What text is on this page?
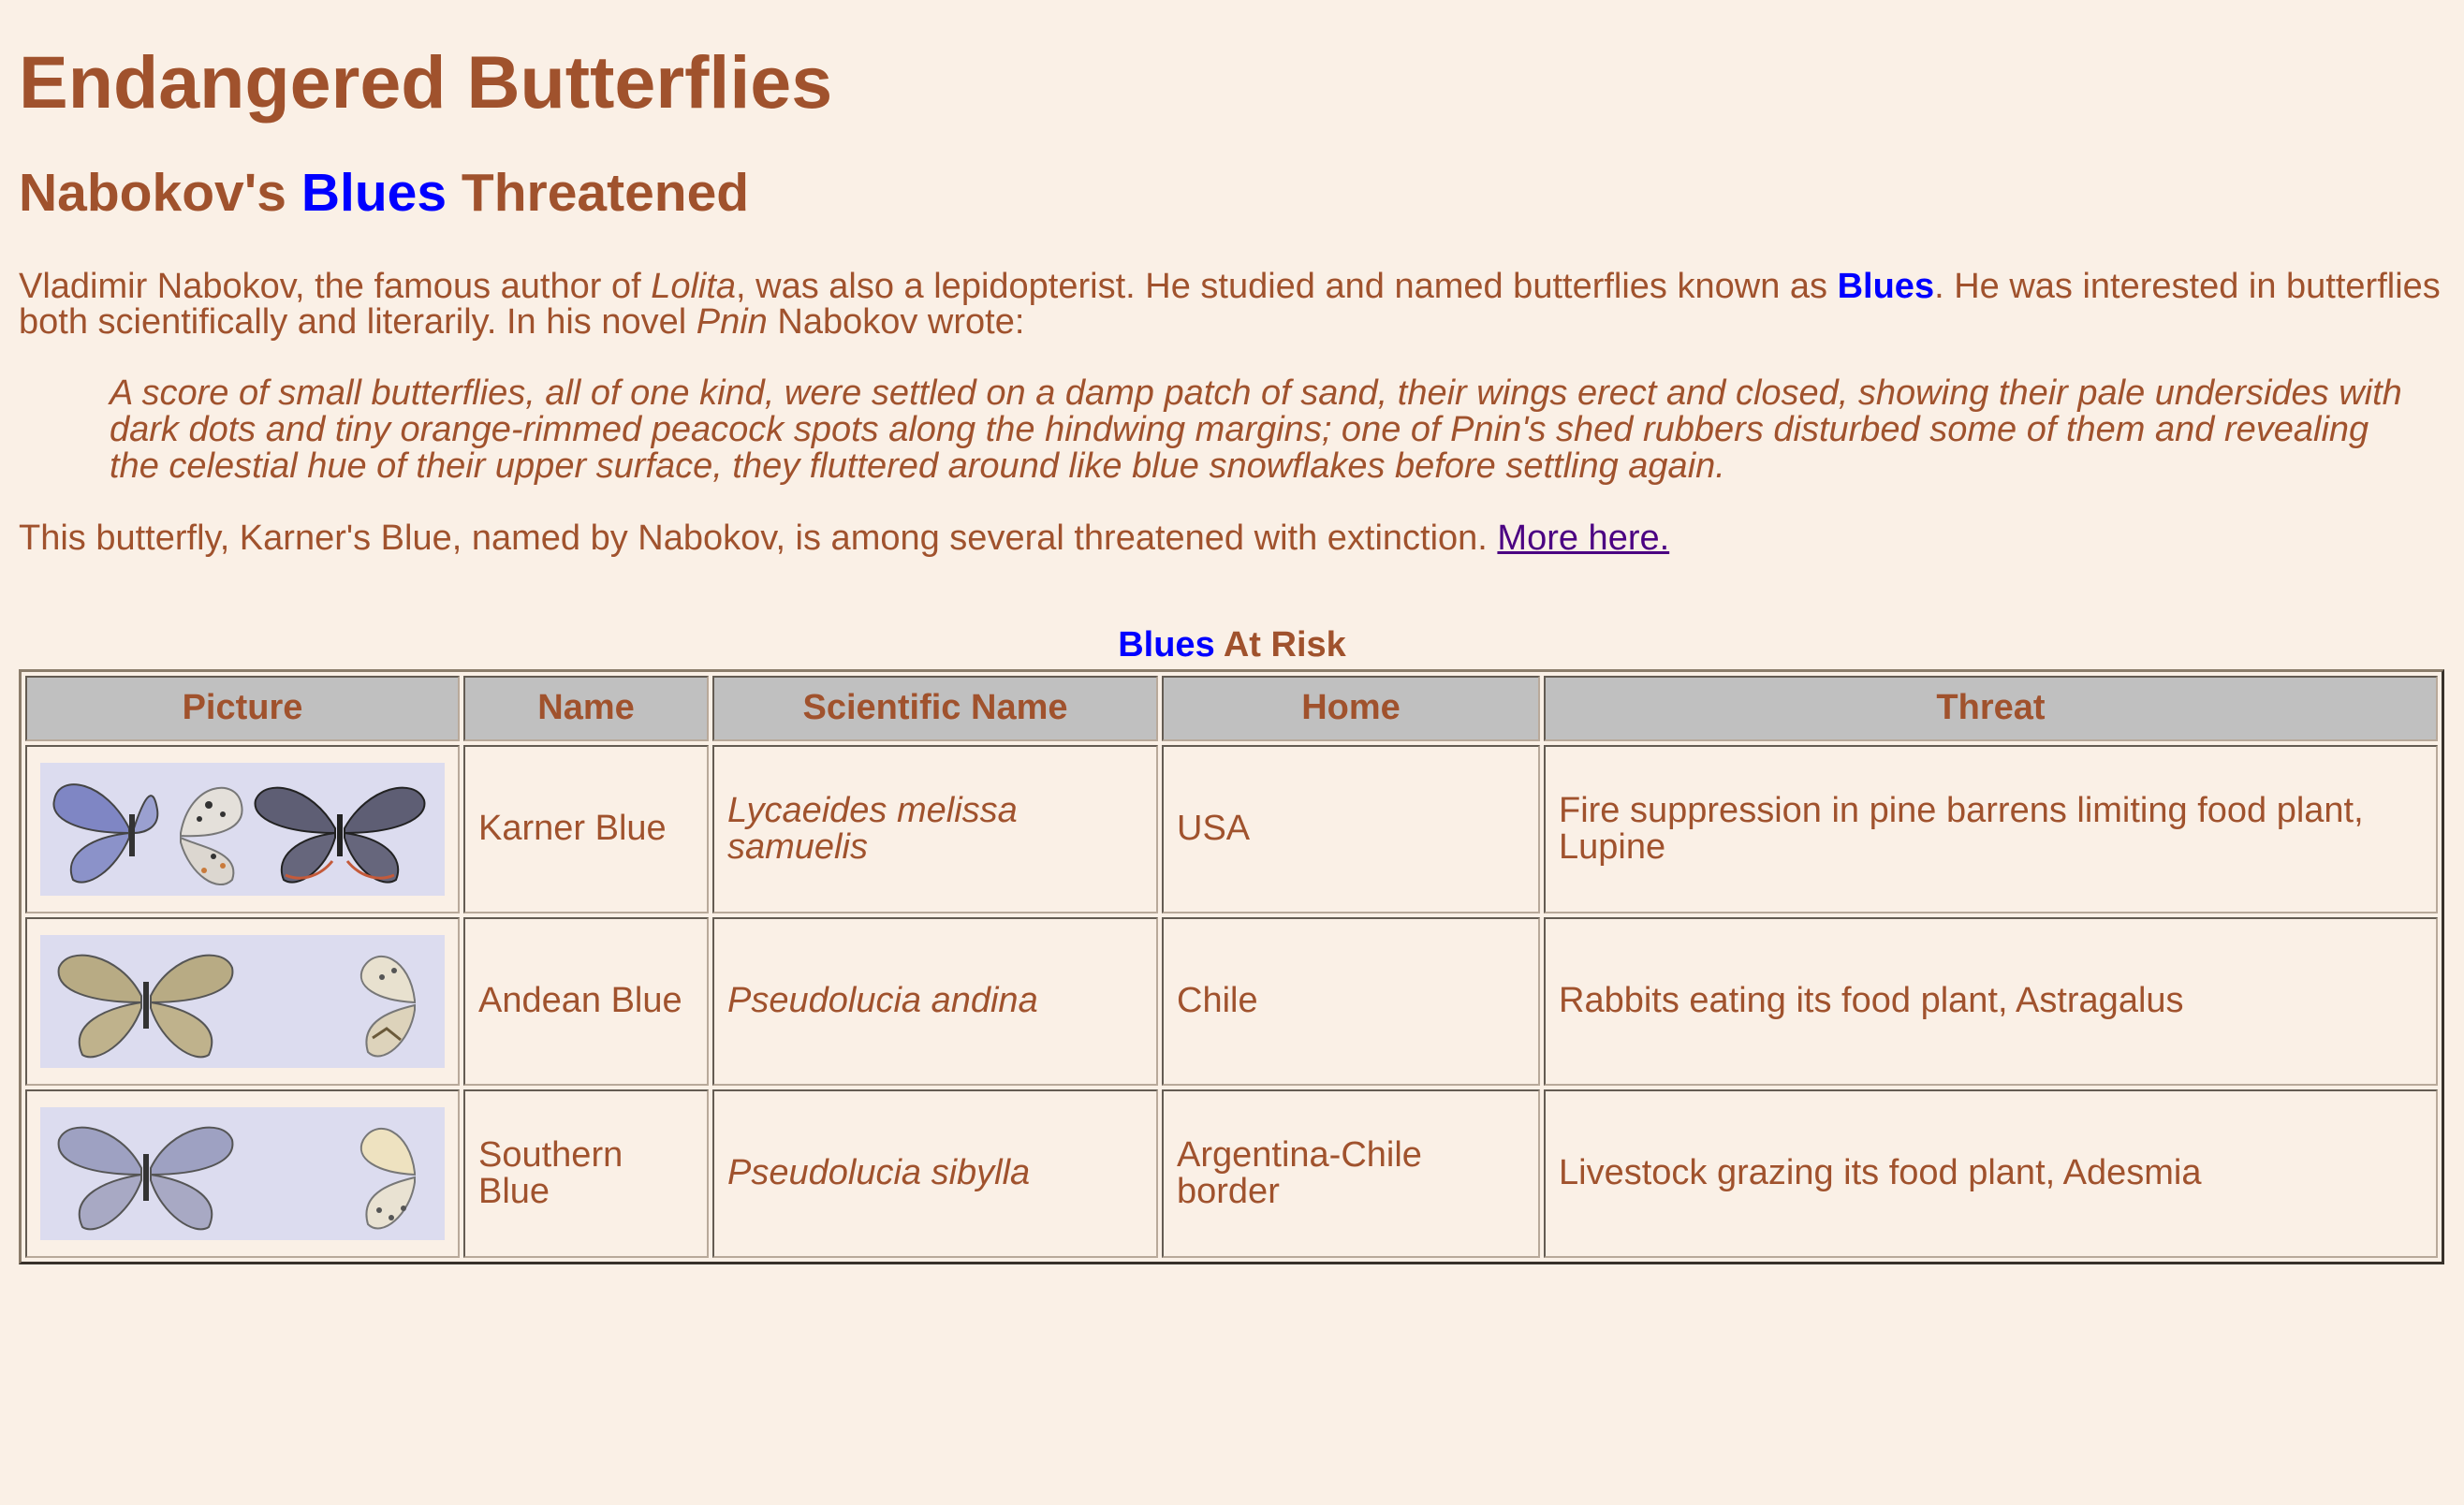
Endangered Butterflies
Nabokov's Blues Threatened

Vladimir Nabokov, the famous author of Lolita, was also a lepidopterist. He studied and named butterflies known as Blues. He was interested in butterflies both scientifically and literarily. In his novel Pnin Nabokov wrote:

A score of small butterflies, all of one kind, were settled on a damp patch of sand, their wings erect and closed, showing their pale undersides with dark dots and tiny orange-rimmed peacock spots along the hindwing margins; one of Pnin's shed rubbers disturbed some of them and revealing the celestial hue of their upper surface, they fluttered around like blue snowflakes before settling again.

This butterfly, Karner's Blue, named by Nabokov, is among several threatened with extinction. More here.

Blues At Risk
Picture	Name	Scientific Name	Home	Threat

	Karner Blue	Lycaeides melissa samuelis	USA	Fire suppression in pine barrens limiting food plant, Lupine

	Andean Blue	Pseudolucia andina	Chile	Rabbits eating its food plant, Astragalus

	Southern Blue	Pseudolucia sibylla	Argentina-Chile border	Livestock grazing its food plant, Adesmia
